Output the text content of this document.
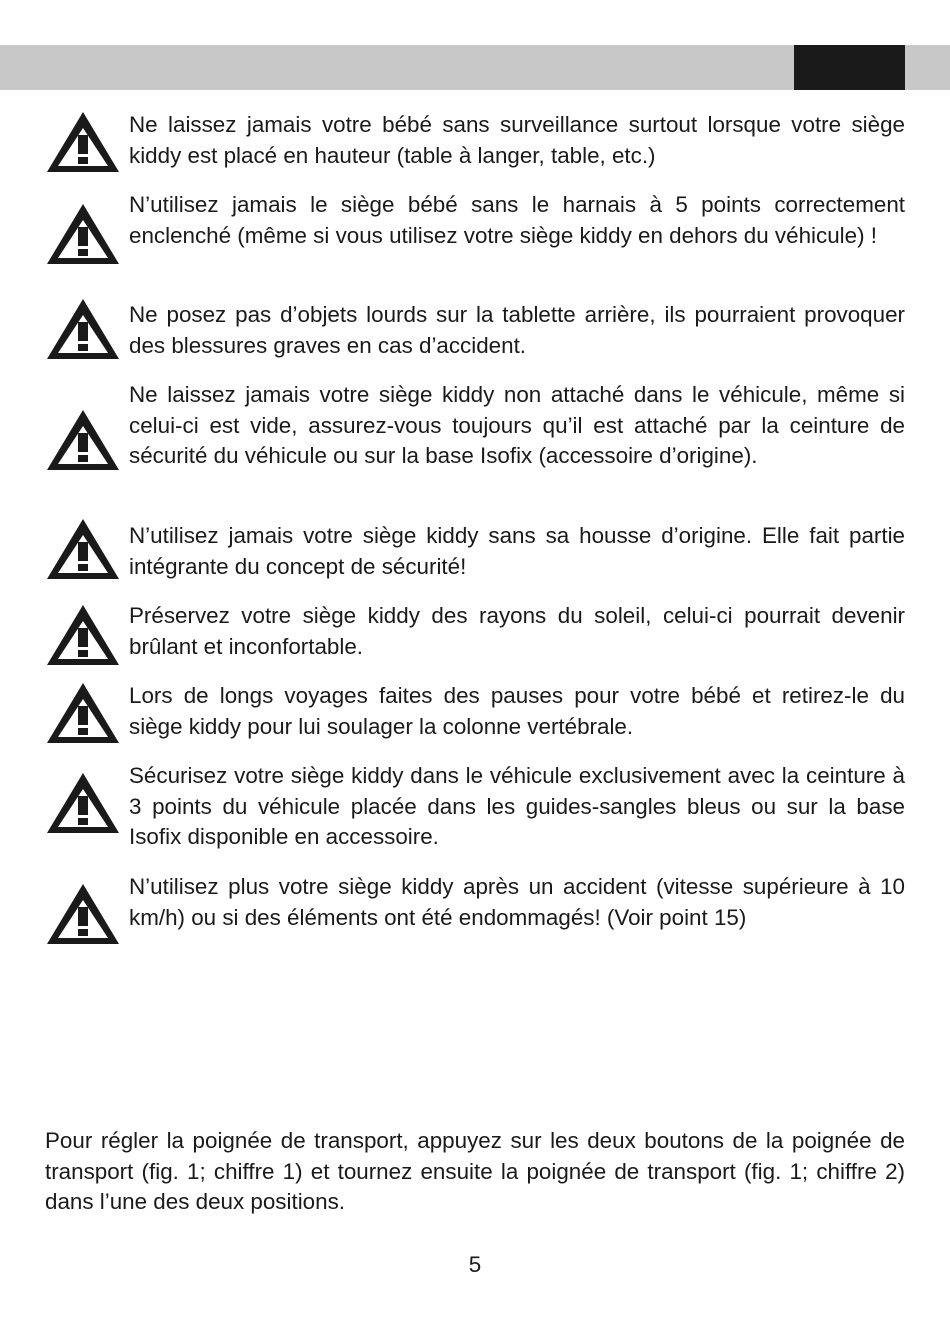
Ne laissez jamais votre bébé sans surveillance surtout lorsque votre siège kiddy est placé en hauteur (table à langer, table, etc.)
N’utilisez jamais le siège bébé sans le harnais à 5 points correctement enclenché (même si vous utilisez votre siège kiddy en dehors du véhicule) !
Ne posez pas d’objets lourds sur la tablette arrière, ils pourraient provoquer des blessures graves en cas d’accident.
Ne laissez jamais votre siège kiddy non attaché dans le véhicule, même si celui-ci est vide, assurez-vous toujours qu’il est attaché par la ceinture de sécurité du véhicule ou sur la base Isofix (accessoire d’origine).
N’utilisez jamais votre siège kiddy sans sa housse d’origine. Elle fait partie intégrante du concept de sécurité!
Préservez votre siège kiddy des rayons du soleil, celui-ci pourrait devenir brûlant et inconfortable.
Lors de longs voyages faites des pauses pour votre bébé et retirez-le du siège kiddy pour lui soulager la colonne vertébrale.
Sécurisez votre siège kiddy dans le véhicule exclusivement avec la ceinture à 3 points du véhicule placée dans les guides-sangles bleus ou sur la base Isofix disponible en accessoire.
N’utilisez plus votre siège kiddy après un accident (vitesse supérieure à 10 km/h) ou si des éléments ont été endommagés! (Voir point 15)
Pour régler la poignée de transport, appuyez sur les deux boutons de la poignée de transport (fig. 1; chiffre 1) et tournez ensuite la poignée de transport (fig. 1; chiffre 2) dans l’une des deux positions.
5
